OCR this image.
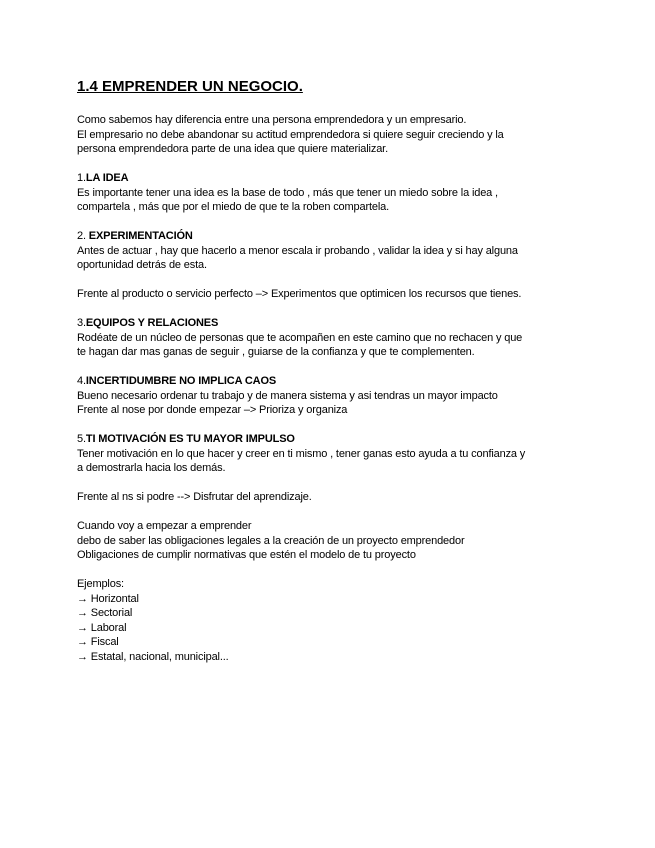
1.4 EMPRENDER UN NEGOCIO.

Como sabemos hay diferencia entre una persona emprendedora y un empresario.

El empresario no debe abandonar su actitud emprendedora si quiere seguir creciendo y la

persona emprendedora parte de una idea que quiere materializar.

1.LA IDEA

Es importante tener una idea es la base de todo , más que tener un miedo sobre la idea ,

compartela , más que por el miedo de que te la roben compartela.

2. EXPERIMENTACIÓN

Antes de actuar , hay que hacerlo a menor escala ir probando , validar la idea y si hay alguna

oportunidad detrás de esta.

Frente al producto o servicio perfecto –> Experimentos que optimicen los recursos que tienes.

3.EQUIPOS Y RELACIONES

Rodéate de un núcleo de personas que te acompañen en este camino que no rechacen y que

te hagan dar mas ganas de seguir , guiarse de la confianza y que te complementen.

4.INCERTIDUMBRE NO IMPLICA CAOS

Bueno necesario ordenar tu trabajo y de manera sistema y asi tendras un mayor impacto

Frente al nose por donde empezar –> Prioriza y organiza

5.TI MOTIVACIÓN ES TU MAYOR IMPULSO

Tener motivación en lo que hacer y creer en ti mismo , tener ganas esto ayuda a tu confianza y

a demostrarla hacia los demás.

Frente al ns si podre --> Disfrutar del aprendizaje.

Cuando voy a empezar a emprender

debo de saber las obligaciones legales a la creación de un proyecto emprendedor

Obligaciones de cumplir normativas que estén el modelo de tu proyecto

Ejemplos:

→ Horizontal

→ Sectorial

→ Laboral

→ Fiscal

→ Estatal, nacional, municipal...
